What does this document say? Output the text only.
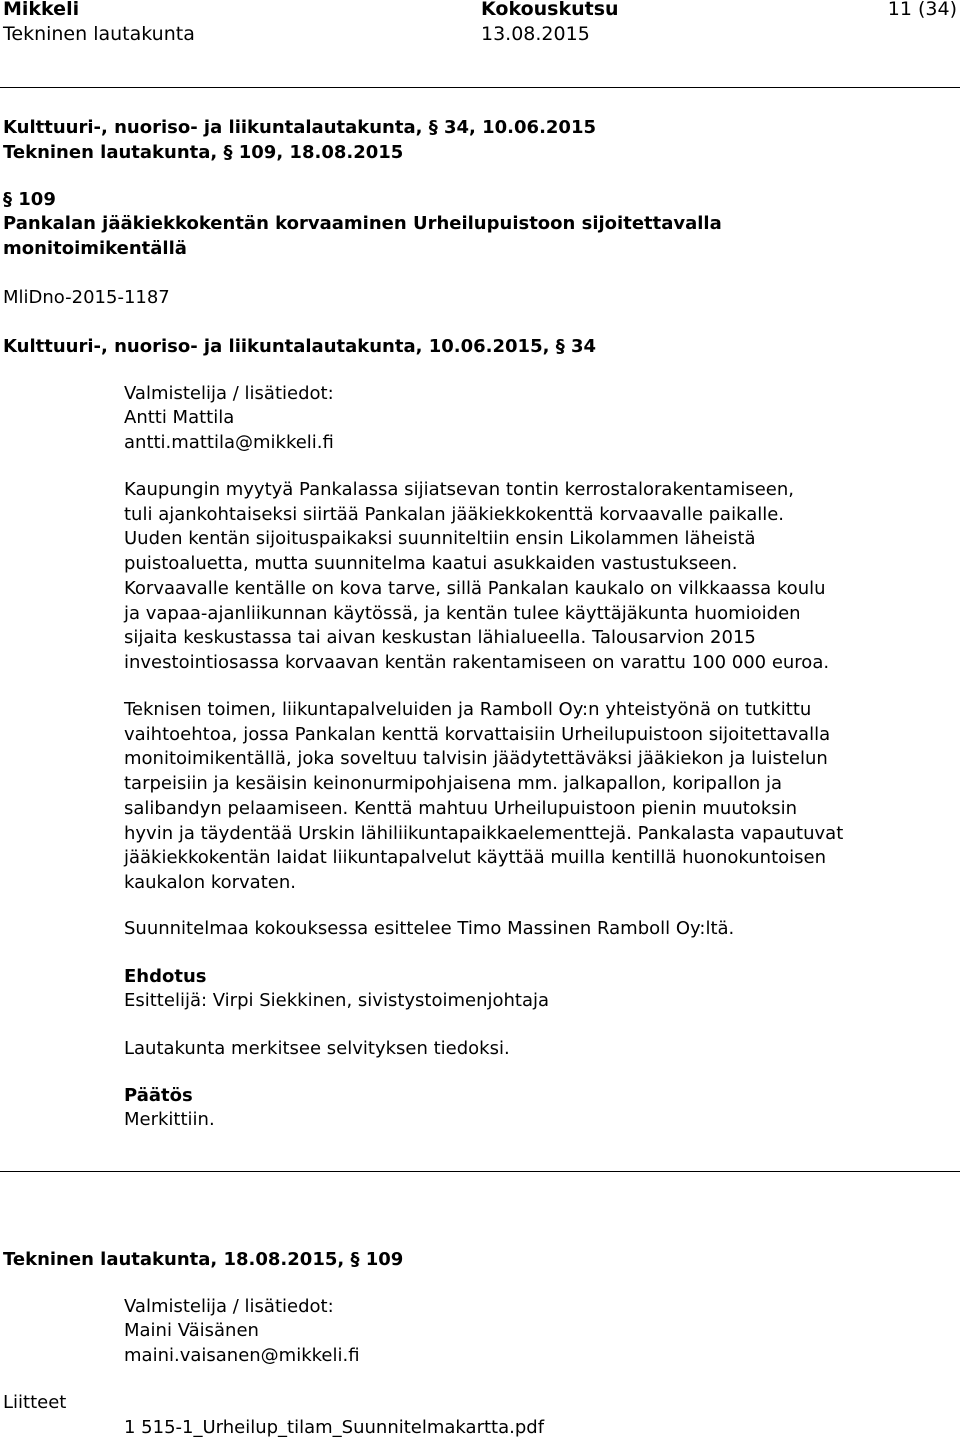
Mikkeli	Kokouskutsu	11 (34)
Tekninen lautakunta	13.08.2015
Kulttuuri-, nuoriso- ja liikuntalautakunta, § 34, 10.06.2015
Tekninen lautakunta, § 109, 18.08.2015
§ 109
Pankalan jääkiekkokentän korvaaminen Urheilupuistoon sijoitettavalla
monitoimikentällä
MliDno-2015-1187
Kulttuuri-, nuoriso- ja liikuntalautakunta, 10.06.2015, § 34
Valmistelija / lisätiedot:
Antti Mattila
antti.mattila@mikkeli.fi
Kaupungin myytyä Pankalassa sijiatsevan tontin kerrostalorakentamiseen,
tuli ajankohtaiseksi siirtää Pankalan jääkiekkokenttä korvaavalle paikalle.
Uuden kentän sijoituspaikaksi suunniteltiin ensin Likolammen läheistä
puistoaluetta, mutta suunnitelma kaatui asukkaiden vastustukseen.
Korvaavalle kentälle on kova tarve, sillä Pankalan kaukalo on vilkkaassa koulu
ja vapaa-ajanliikunnan käytössä, ja kentän tulee käyttäjäkunta huomioiden
sijaita keskustassa tai aivan keskustan lähialueella. Talousarvion 2015
investointiosassa korvaavan kentän rakentamiseen on varattu 100 000 euroa.
Teknisen toimen, liikuntapalveluiden ja Ramboll Oy:n yhteistyönä on tutkittu
vaihtoehtoa, jossa Pankalan kenttä korvattaisiin Urheilupuistoon sijoitettavalla
monitoimikentällä, joka soveltuu talvisin jäädytettäväksi jääkiekon ja luistelun
tarpeisiin ja kesäisin keinonurmipohjaisena mm. jalkapallon, koripallon ja
salibandyn pelaamiseen. Kenttä mahtuu Urheilupuistoon pienin muutoksin
hyvin ja täydentää Urskin lähiliikuntapaikkaelementtejä. Pankalasta vapautuvat
jääkiekkokentän laidat liikuntapalvelut käyttää muilla kentillä huonokuntoisen
kaukalon korvaten.
Suunnitelmaa kokouksessa esittelee Timo Massinen Ramboll Oy:ltä.
Ehdotus
Esittelijä: Virpi Siekkinen, sivistystoimenjohtaja
Lautakunta merkitsee selvityksen tiedoksi.
Päätös
Merkittiin.
Tekninen lautakunta, 18.08.2015, § 109
Valmistelija / lisätiedot:
Maini Väisänen
maini.vaisanen@mikkeli.fi
Liitteet
1 515-1_Urheilup_tilam_Suunnitelmakartta.pdf
